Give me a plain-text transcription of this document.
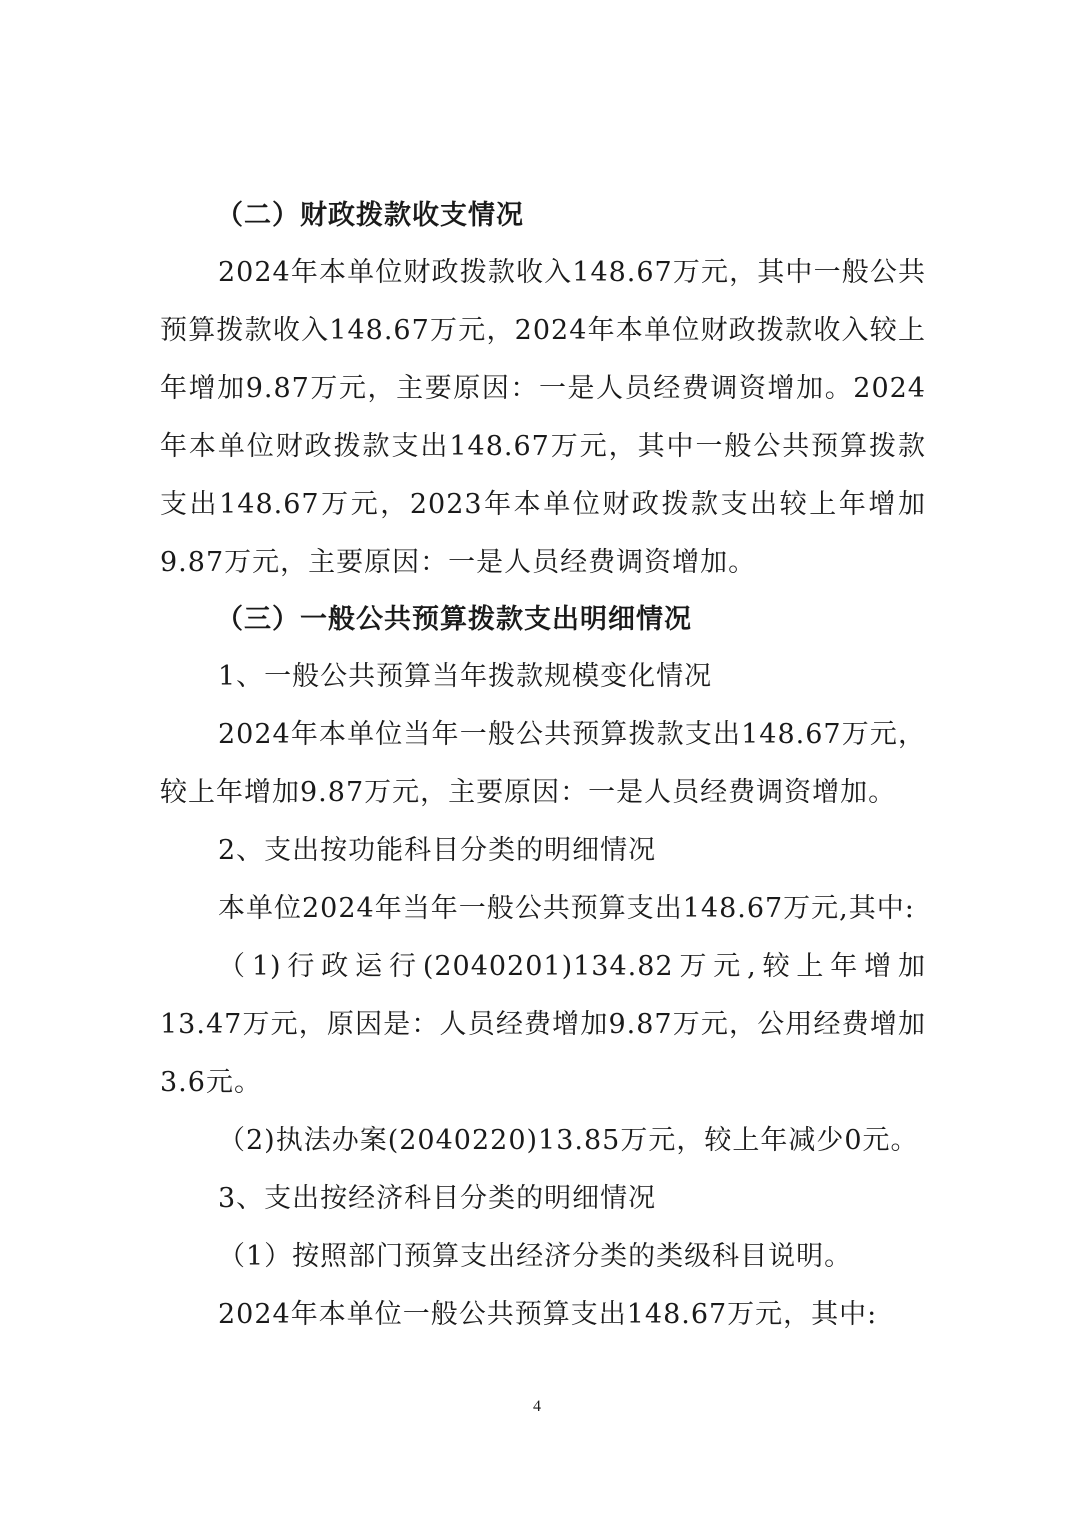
（二）财政拨款收支情况

2024年本单位财政拨款收入148.67万元，其中一般公共预算拨款收入148.67万元，2024年本单位财政拨款收入较上年增加9.87万元，主要原因：一是人员经费调资增加。2024年本单位财政拨款支出148.67万元，其中一般公共预算拨款支出148.67万元，2023年本单位财政拨款支出较上年增加9.87万元，主要原因：一是人员经费调资增加。

（三）一般公共预算拨款支出明细情况
1、一般公共预算当年拨款规模变化情况

2024年本单位当年一般公共预算拨款支出148.67万元，较上年增加9.87万元，主要原因：一是人员经费调资增加。

2、支出按功能科目分类的明细情况
本单位2024年当年一般公共预算支出148.67万元,其中:

（1)行政运行(2040201)134.82万元,较上年增加13.47万元，原因是：人员经费增加9.87万元，公用经费增加3.6元。

（2)执法办案(2040220)13.85万元，较上年减少0元。
3、支出按经济科目分类的明细情况
（1）按照部门预算支出经济分类的类级科目说明。
2024年本单位一般公共预算支出148.67万元，其中:
4
